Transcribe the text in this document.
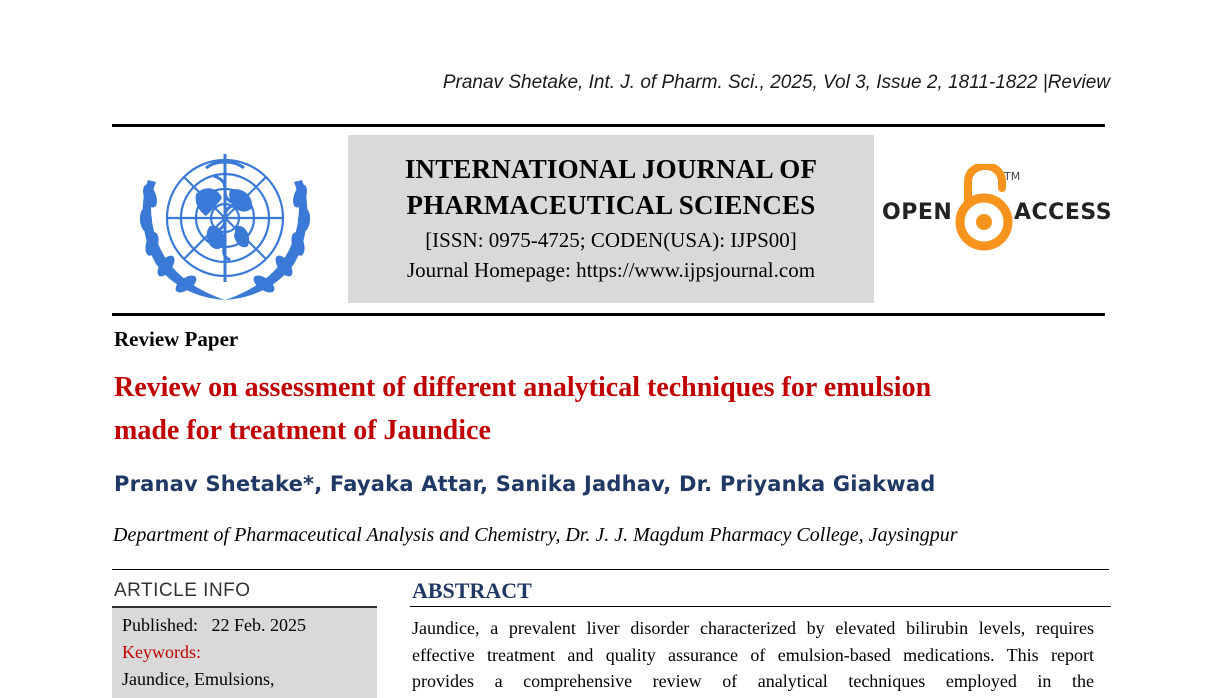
Pranav Shetake, Int. J. of Pharm. Sci., 2025, Vol 3, Issue 2, 1811-1822 |Review
INTERNATIONAL JOURNAL OF
PHARMACEUTICAL SCIENCES
[ISSN: 0975-4725; CODEN(USA): IJPS00]
Journal Homepage: https://www.ijpsjournal.com
OPEN
TM
ACCESS
Review Paper
Review on assessment of different analytical techniques for emulsion
made for treatment of Jaundice
Pranav Shetake*, Fayaka Attar, Sanika Jadhav, Dr. Priyanka Giakwad
Department of Pharmaceutical Analysis and Chemistry, Dr. J. J. Magdum Pharmacy College, Jaysingpur
ARTICLE INFO
Published: 22 Feb. 2025
Keywords:
Jaundice, Emulsions,
ABSTRACT
Jaundice, a prevalent liver disorder characterized by elevated bilirubin levels, requires
effective treatment and quality assurance of emulsion-based medications. This report
provides a comprehensive review of analytical techniques employed in the
